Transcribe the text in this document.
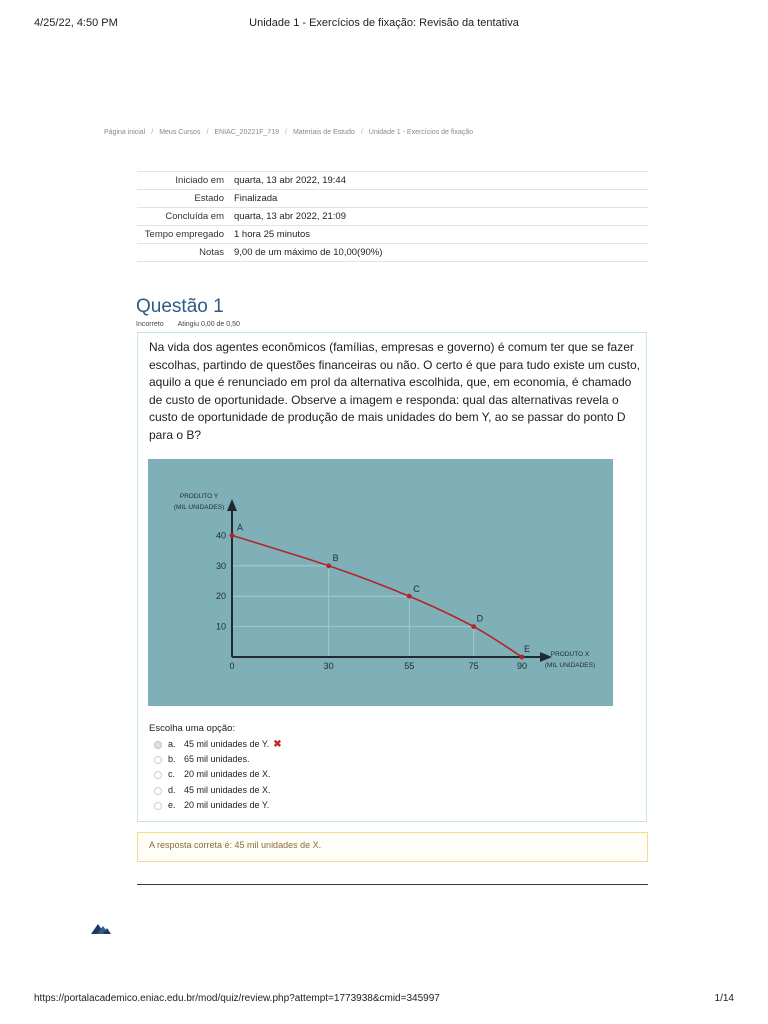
4/25/22, 4:50 PM	Unidade 1 - Exercícios de fixação: Revisão da tentativa
Página inicial / Meus Cursos / ENIAC_20221F_719 / Materiais de Estudo / Unidade 1 - Exercícios de fixação
Iniciado em	quarta, 13 abr 2022, 19:44
Estado	Finalizada
Concluída em	quarta, 13 abr 2022, 21:09
Tempo empregado	1 hora 25 minutos
Notas	9,00 de um máximo de 10,00(90%)
Questão 1
Incorreto Atingiu 0,00 de 0,50
Na vida dos agentes econômicos (famílias, empresas e governo) é comum ter que se fazer escolhas, partindo de questões financeiras ou não. O certo é que para tudo existe um custo, aquilo a que é renunciado em prol da alternativa escolhida, que, em economia, é chamado de custo de oportunidade. Observe a imagem e responda: qual das alternativas revela o custo de oportunidade de produção de mais unidades do bem Y, ao se passar do ponto D para o B?
A
B
C
D
E
10
20
30
40
0	30	55	75	90
PRODUTO Y
(MIL UNIDADES)
PRODUTO X
(MIL UNIDADES)
Escolha uma opção:
a. 45 mil unidades de Y. ✖
b. 65 mil unidades.
c. 20 mil unidades de X.
d. 45 mil unidades de X.
e. 20 mil unidades de Y.
A resposta correta é: 45 mil unidades de X.
https://portalacademico.eniac.edu.br/mod/quiz/review.php?attempt=1773938&cmid=345997	1/14
